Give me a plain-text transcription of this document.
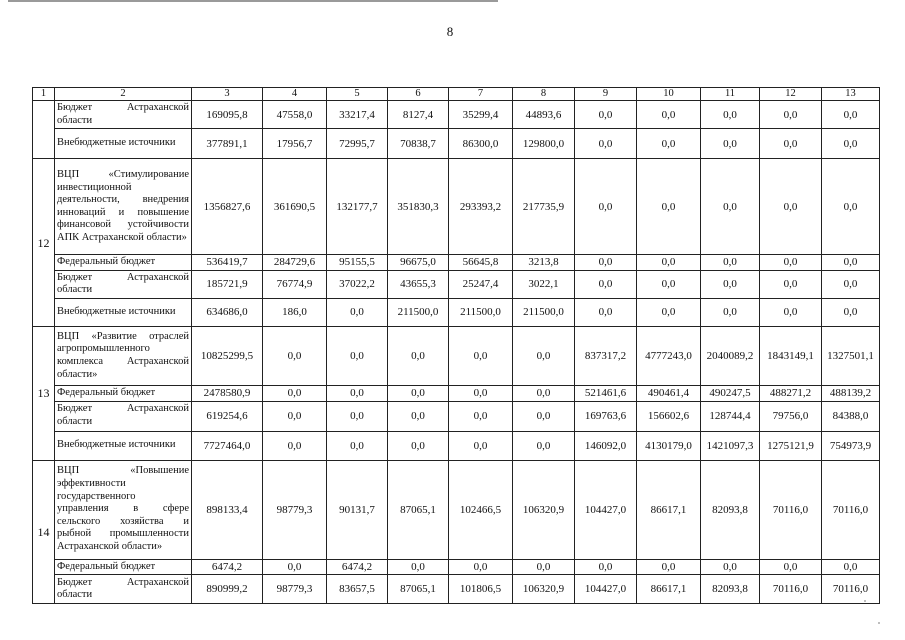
8
1	2	3	4	5	6	7	8	9	10	11	12	13
	Бюджет Астраханской области	169095,8	47558,0	33217,4	8127,4	35299,4	44893,6	0,0	0,0	0,0	0,0	0,0
	Внебюджетные источники	377891,1	17956,7	72995,7	70838,7	86300,0	129800,0	0,0	0,0	0,0	0,0	0,0
12	ВЦП «Стимулирование инвестиционной деятельности, внедрения инноваций и повышение финансовой устойчивости АПК Астраханской области»	1356827,6	361690,5	132177,7	351830,3	293393,2	217735,9	0,0	0,0	0,0	0,0	0,0
	Федеральный бюджет	536419,7	284729,6	95155,5	96675,0	56645,8	3213,8	0,0	0,0	0,0	0,0	0,0
	Бюджет Астраханской области	185721,9	76774,9	37022,2	43655,3	25247,4	3022,1	0,0	0,0	0,0	0,0	0,0
	Внебюджетные источники	634686,0	186,0	0,0	211500,0	211500,0	211500,0	0,0	0,0	0,0	0,0	0,0
13	ВЦП «Развитие отраслей агропромышленного комплекса Астраханской области»	10825299,5	0,0	0,0	0,0	0,0	0,0	837317,2	4777243,0	2040089,2	1843149,1	1327501,1
	Федеральный бюджет	2478580,9	0,0	0,0	0,0	0,0	0,0	521461,6	490461,4	490247,5	488271,2	488139,2
	Бюджет Астраханской области	619254,6	0,0	0,0	0,0	0,0	0,0	169763,6	156602,6	128744,4	79756,0	84388,0
	Внебюджетные источники	7727464,0	0,0	0,0	0,0	0,0	0,0	146092,0	4130179,0	1421097,3	1275121,9	754973,9
14	ВЦП «Повышение эффективности государственного управления в сфере сельского хозяйства и рыбной промышленности Астраханской области»	898133,4	98779,3	90131,7	87065,1	102466,5	106320,9	104427,0	86617,1	82093,8	70116,0	70116,0
	Федеральный бюджет	6474,2	0,0	6474,2	0,0	0,0	0,0	0,0	0,0	0,0	0,0	0,0
	Бюджет Астраханской области	890999,2	98779,3	83657,5	87065,1	101806,5	106320,9	104427,0	86617,1	82093,8	70116,0	70116,0
